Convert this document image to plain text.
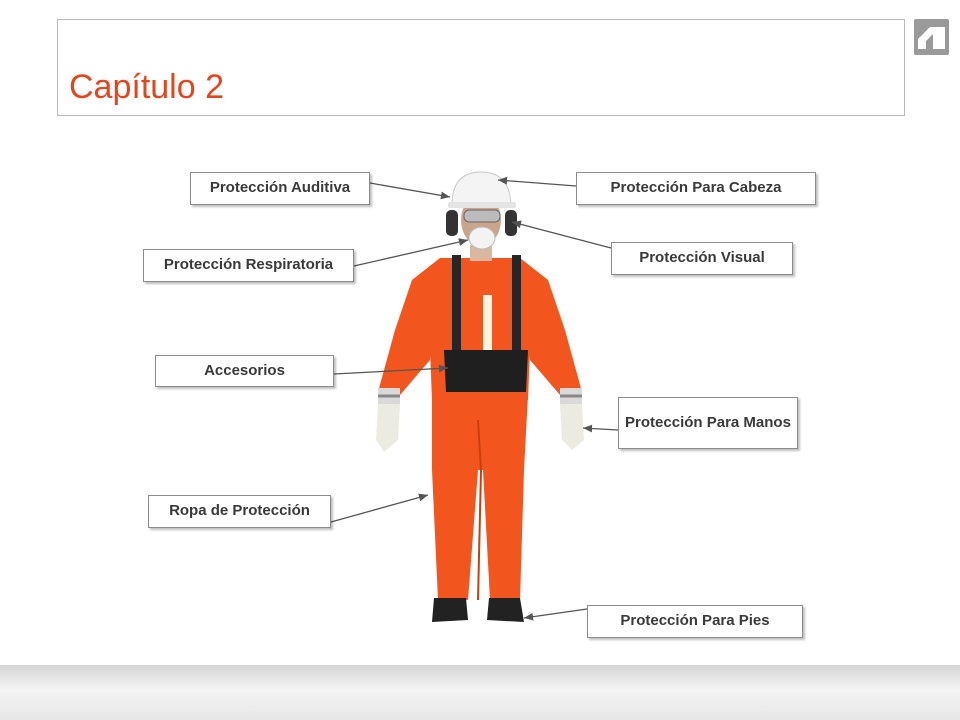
Capítulo 2
Protección Auditiva	Protección Para Cabeza
Protección Respiratoria	Protección Visual
Accesorios
Protección Para Manos
Ropa de Protección
Protección Para Pies
